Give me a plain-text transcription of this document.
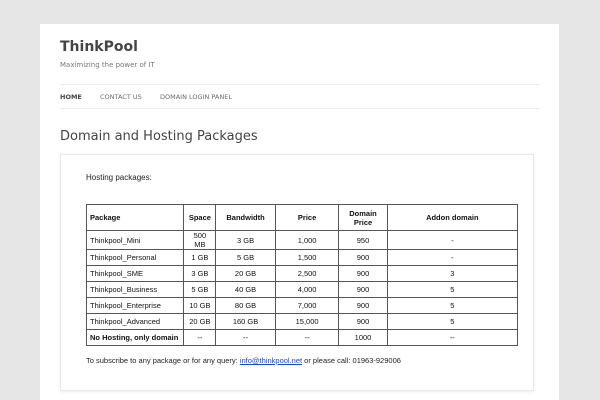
ThinkPool
Maximizing the power of IT
HOME	CONTACT US	DOMAIN LOGIN PANEL
Domain and Hosting Packages
Hosting packages:
Package	Space	Bandwidth	Price	Domain Price	Addon domain
Thinkpool_Mini	500 MB	3 GB	1,000	950	-
Thinkpool_Personal	1 GB	5 GB	1,500	900	-
Thinkpool_SME	3 GB	20 GB	2,500	900	3
Thinkpool_Business	5 GB	40 GB	4,000	900	5
Thinkpool_Enterprise	10 GB	80 GB	7,000	900	5
Thinkpool_Advanced	20 GB	160 GB	15,000	900	5
No Hosting, only domain	--	--	--	1000	--
To subscribe to any package or for any query: info@thinkpool.net or please call: 01963-929006
